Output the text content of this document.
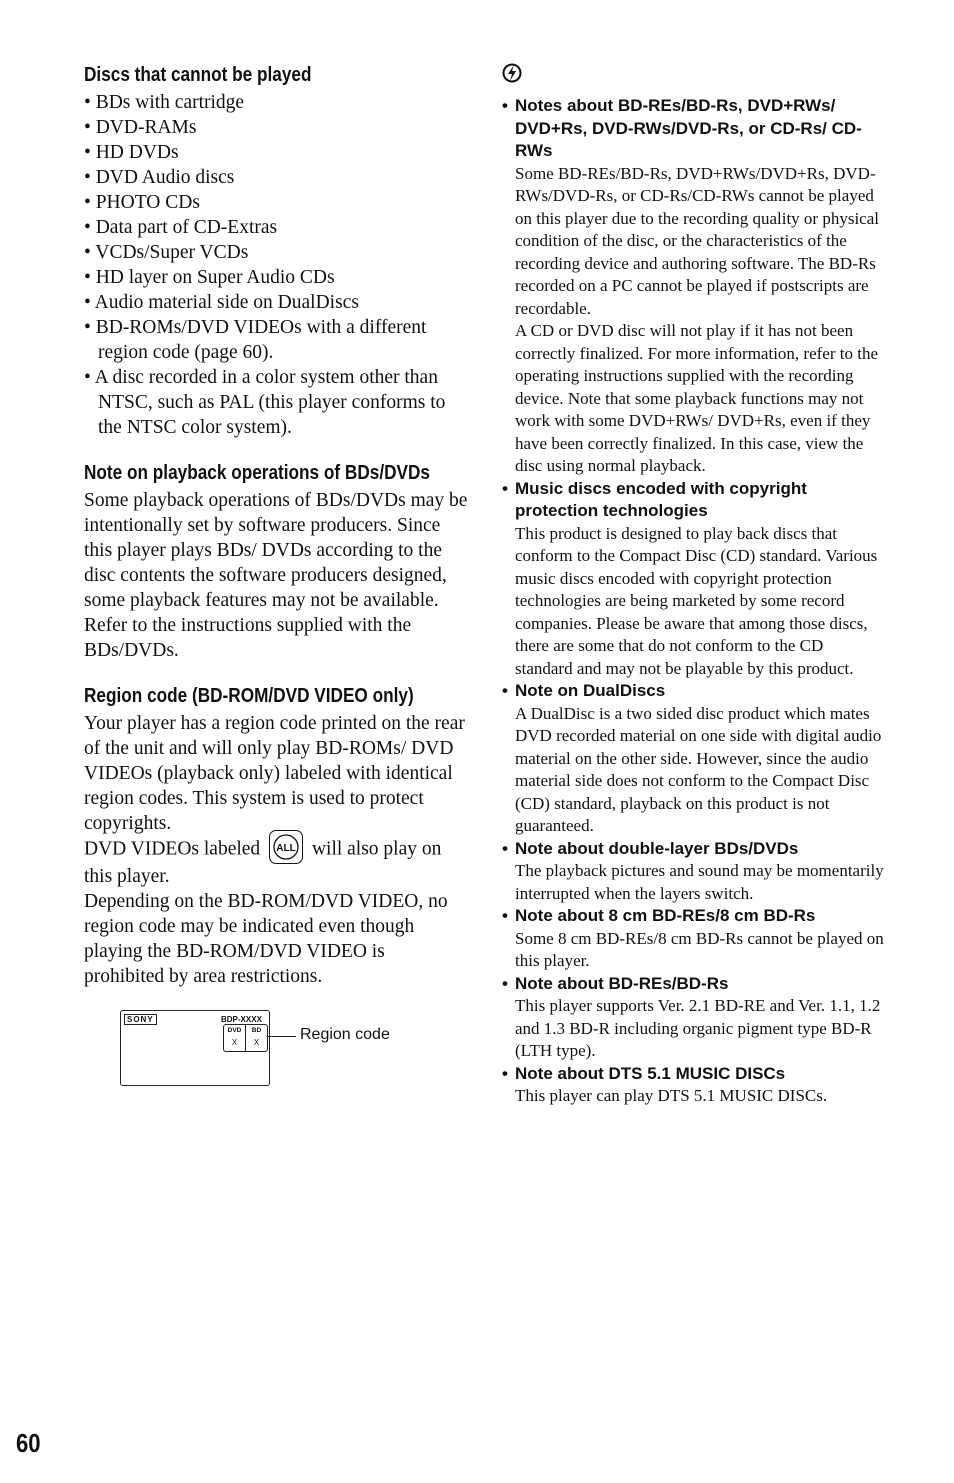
Discs that cannot be played
• BDs with cartridge
• DVD-RAMs
• HD DVDs
• DVD Audio discs
• PHOTO CDs
• Data part of CD-Extras
• VCDs/Super VCDs
• HD layer on Super Audio CDs
• Audio material side on DualDiscs
• BD-ROMs/DVD VIDEOs with a different region code (page 60).
• A disc recorded in a color system other than NTSC, such as PAL (this player conforms to the NTSC color system).
Note on playback operations of BDs/DVDs

Some playback operations of BDs/DVDs may be intentionally set by software producers. Since this player plays BDs/ DVDs according to the disc contents the software producers designed, some playback features may not be available. Refer to the instructions supplied with the BDs/DVDs.

Region code (BD-ROM/DVD VIDEO only)

Your player has a region code printed on the rear of the unit and will only play BD-ROMs/ DVD VIDEOs (playback only) labeled with identical region codes. This system is used to protect copyrights.

DVD VIDEOs labeled ALL will also play on this player.

Depending on the BD-ROM/DVD VIDEO, no region code may be indicated even though playing the BD-ROM/DVD VIDEO is prohibited by area restrictions.

SONY	BDP-XXXX
DVD
X
BD
X	Region code
• Notes about BD-REs/BD-Rs, DVD+RWs/ DVD+Rs, DVD-RWs/DVD-Rs, or CD-Rs/ CD-RWs

Some BD-REs/BD-Rs, DVD+RWs/DVD+Rs, DVD-RWs/DVD-Rs, or CD-Rs/CD-RWs cannot be played on this player due to the recording quality or physical condition of the disc, or the characteristics of the recording device and authoring software. The BD-Rs recorded on a PC cannot be played if postscripts are recordable.

A CD or DVD disc will not play if it has not been correctly finalized. For more information, refer to the operating instructions supplied with the recording device. Note that some playback functions may not work with some DVD+RWs/ DVD+Rs, even if they have been correctly finalized. In this case, view the disc using normal playback.

• Music discs encoded with copyright protection technologies

This product is designed to play back discs that conform to the Compact Disc (CD) standard. Various music discs encoded with copyright protection technologies are being marketed by some record companies. Please be aware that among those discs, there are some that do not conform to the CD standard and may not be playable by this product.

• Note on DualDiscs

A DualDisc is a two sided disc product which mates DVD recorded material on one side with digital audio material on the other side. However, since the audio material side does not conform to the Compact Disc (CD) standard, playback on this product is not guaranteed.

• Note about double-layer BDs/DVDs

The playback pictures and sound may be momentarily interrupted when the layers switch.

• Note about 8 cm BD-REs/8 cm BD-Rs

Some 8 cm BD-REs/8 cm BD-Rs cannot be played on this player.

• Note about BD-REs/BD-Rs

This player supports Ver. 2.1 BD-RE and Ver. 1.1, 1.2 and 1.3 BD-R including organic pigment type BD-R (LTH type).

• Note about DTS 5.1 MUSIC DISCs

This player can play DTS 5.1 MUSIC DISCs.

60
